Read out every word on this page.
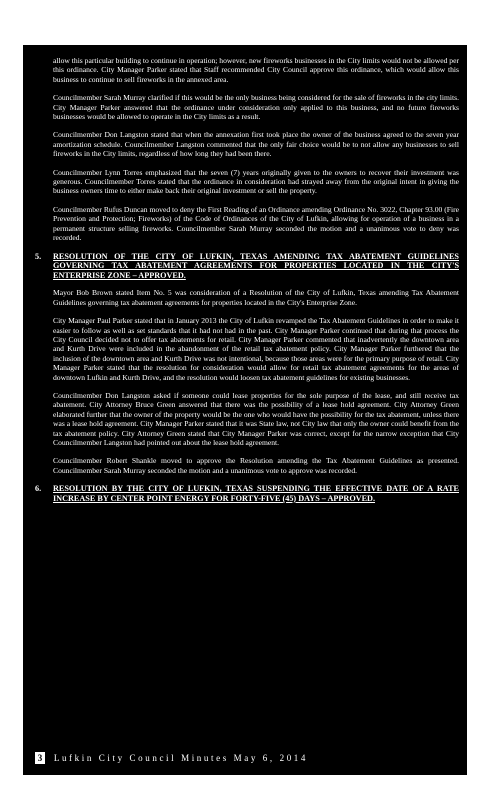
allow this particular building to continue in operation; however, new fireworks businesses in the City limits would not be allowed per this ordinance. City Manager Parker stated that Staff recommended City Council approve this ordinance, which would allow this business to continue to sell fireworks in the annexed area.

Councilmember Sarah Murray clarified if this would be the only business being considered for the sale of fireworks in the city limits. City Manager Parker answered that the ordinance under consideration only applied to this business, and no future fireworks businesses would be allowed to operate in the City limits as a result.

Councilmember Don Langston stated that when the annexation first took place the owner of the business agreed to the seven year amortization schedule. Councilmember Langston commented that the only fair choice would be to not allow any businesses to sell fireworks in the City limits, regardless of how long they had been there.

Councilmember Lynn Torres emphasized that the seven (7) years originally given to the owners to recover their investment was generous. Councilmember Torres stated that the ordinance in consideration had strayed away from the original intent in giving the business owners time to either make back their original investment or sell the property.

Councilmember Rufus Duncan moved to deny the First Reading of an Ordinance amending Ordinance No. 3022, Chapter 93.00 (Fire Prevention and Protection; Fireworks) of the Code of Ordinances of the City of Lufkin, allowing for operation of a business in a permanent structure selling fireworks. Councilmember Sarah Murray seconded the motion and a unanimous vote to deny was recorded.

5. RESOLUTION OF THE CITY OF LUFKIN, TEXAS AMENDING TAX ABATEMENT GUIDELINES GOVERNING TAX ABATEMENT AGREEMENTS FOR PROPERTIES LOCATED IN THE CITY'S ENTERPRISE ZONE – APPROVED.

Mayor Bob Brown stated Item No. 5 was consideration of a Resolution of the City of Lufkin, Texas amending Tax Abatement Guidelines governing tax abatement agreements for properties located in the City's Enterprise Zone.

City Manager Paul Parker stated that in January 2013 the City of Lufkin revamped the Tax Abatement Guidelines in order to make it easier to follow as well as set standards that it had not had in the past. City Manager Parker continued that during that process the City Council decided not to offer tax abatements for retail. City Manager Parker commented that inadvertently the downtown area and Kurth Drive were included in the abandonment of the retail tax abatement policy. City Manager Parker furthered that the inclusion of the downtown area and Kurth Drive was not intentional, because those areas were for the primary purpose of retail. City Manager Parker stated that the resolution for consideration would allow for retail tax abatement agreements for the areas of downtown Lufkin and Kurth Drive, and the resolution would loosen tax abatement guidelines for existing businesses.

Councilmember Don Langston asked if someone could lease properties for the sole purpose of the lease, and still receive tax abatement. City Attorney Bruce Green answered that there was the possibility of a lease hold agreement. City Attorney Green elaborated further that the owner of the property would be the one who would have the possibility for the tax abatement, unless there was a lease hold agreement. City Manager Parker stated that it was State law, not City law that only the owner could benefit from the tax abatement policy. City Attorney Green stated that City Manager Parker was correct, except for the narrow exception that City Councilmember Langston had pointed out about the lease hold agreement.

Councilmember Robert Shankle moved to approve the Resolution amending the Tax Abatement Guidelines as presented. Councilmember Sarah Murray seconded the motion and a unanimous vote to approve was recorded.

6. RESOLUTION BY THE CITY OF LUFKIN, TEXAS SUSPENDING THE EFFECTIVE DATE OF A RATE INCREASE BY CENTER POINT ENERGY FOR FORTY-FIVE (45) DAYS – APPROVED.
3 Lufkin City Council Minutes May 6, 2014
